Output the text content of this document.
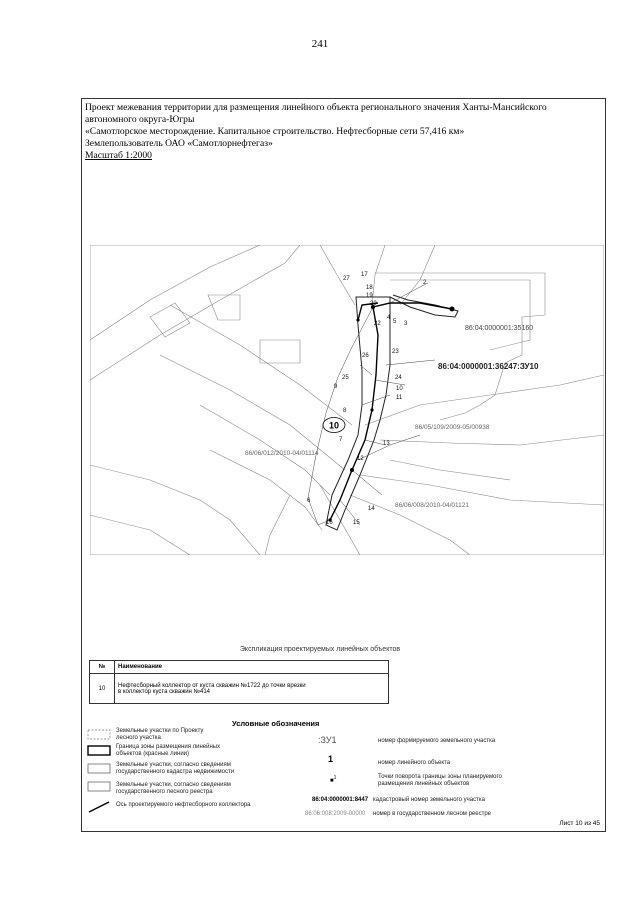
241
Проект межевания территории для размещения линейного объекта регионального значения Ханты-Мансийского
автономного округа-Югры
«Самотлорское месторождение. Капитальное строительство. Нефтесборные сети 57,416 км»
Землепользователь ОАО «Самотлорнефтегаз»
Масштаб 1:2000
27
17
2
18
19
4
20
22 5 3
26
23
25	24
9	10
11
8
7
13
12
6
14
16	15
86:04:0000001:35160
86:04:0000001:36247:ЗУ10
86/05/109/2009-05/00938
86/06/012/2010-04/01114
86/06/008/2010-04/01121
10
Экспликация проектируемых линейных объектов
№	Наименование
10	Нефтесборный коллектор от куста скважин №1722 до точки врезки
в коллектор куста скважин №414
Условные обозначения
Земельные участки по Проекту
лесного участка
Граница зоны размещения линейных
объектов (красные линии)
Земельные участки, согласно сведениям
государственного кадастра недвижимости
Земельные участки, согласно сведениям
государственного лесного реестра
Ось проектируемого нефтесборного коллектора
:ЗУ1	номер формируемого земельного участка
1	номер линейного объекта
■$^1$	Точки поворота границы зоны планируемого
размещения линейных объектов
86:04:0000001:8447 кадастровый номер земельного участка
86:06:008:2009-00000 номер в государственном лесном реестре
Лист 10 из 45
